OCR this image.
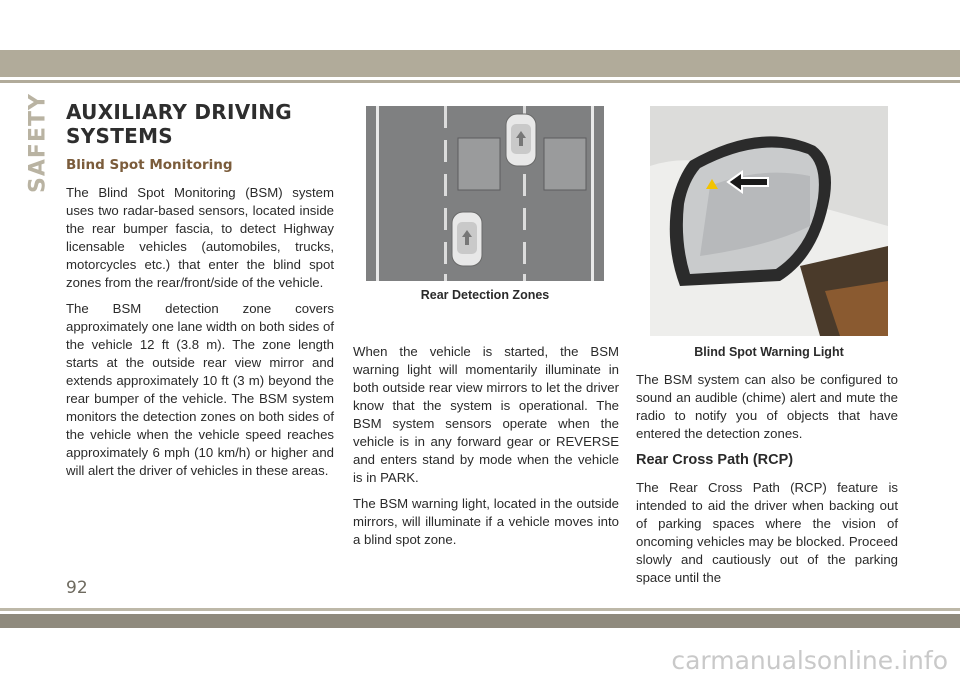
SAFETY AUXILIARY DRIVING SYSTEMS
Blind Spot Monitoring

The Blind Spot Monitoring (BSM) system uses two radar-based sensors, located inside the rear bumper fascia, to detect Highway licensable vehicles (automobiles, trucks, motorcycles etc.) that enter the blind spot zones from the rear/front/side of the vehicle.

The BSM detection zone covers approximately one lane width on both sides of the vehicle 12 ft (3.8 m). The zone length starts at the outside rear view mirror and extends approximately 10 ft (3 m) beyond the rear bumper of the vehicle. The BSM system monitors the detection zones on both sides of the vehicle when the vehicle speed reaches approximately 6 mph (10 km/h) or higher and will alert the driver of vehicles in these areas.

Rear Detection Zones

When the vehicle is started, the BSM warning light will momentarily illuminate in both outside rear view mirrors to let the driver know that the system is operational. The BSM system sensors operate when the vehicle is in any forward gear or REVERSE and enters stand by mode when the vehicle is in PARK.

The BSM warning light, located in the outside mirrors, will illuminate if a vehicle moves into a blind spot zone.

Blind Spot Warning Light

The BSM system can also be configured to sound an audible (chime) alert and mute the radio to notify you of objects that have entered the detection zones.

Rear Cross Path (RCP)

The Rear Cross Path (RCP) feature is intended to aid the driver when backing out of parking spaces where the vision of oncoming vehicles may be blocked. Proceed slowly and cautiously out of the parking space until the

92
carmanualsonline.info
